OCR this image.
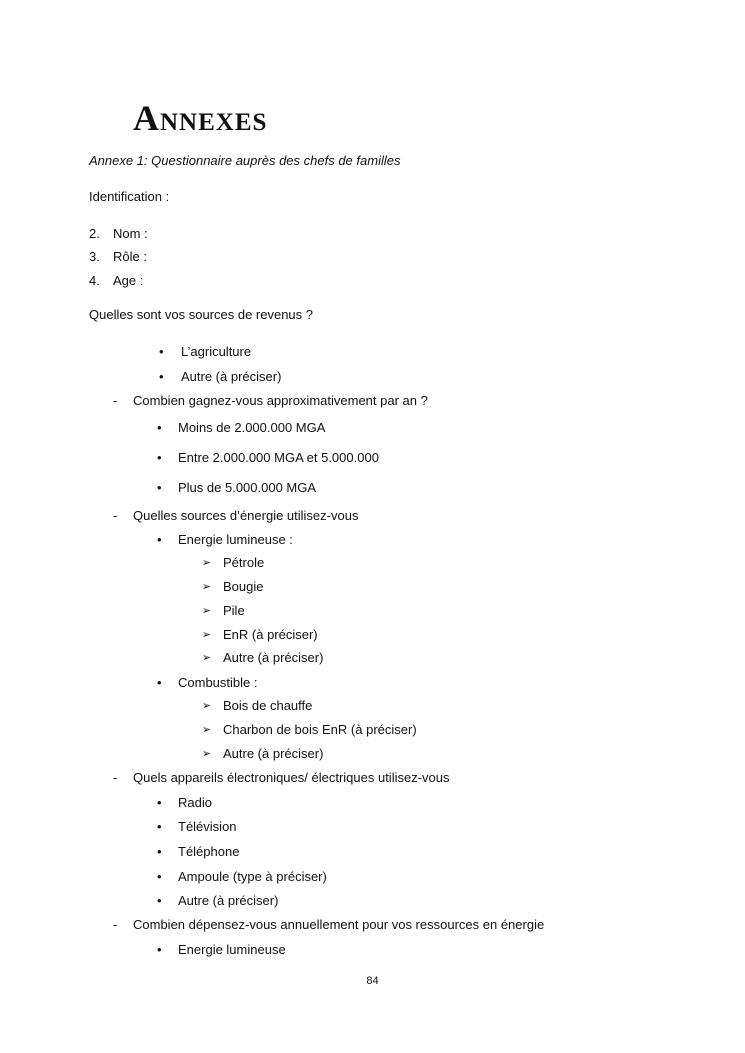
Annexes
Annexe 1: Questionnaire auprès des chefs de familles
Identification :
2. Nom :
3. Rôle :
4. Age :
Quelles sont vos sources de revenus ?
• L’agriculture
• Autre (à préciser)
- Combien gagnez-vous approximativement par an ?
• Moins de 2.000.000 MGA
• Entre 2.000.000 MGA et 5.000.000
• Plus de 5.000.000 MGA
- Quelles sources d’énergie utilisez-vous
• Energie lumineuse :
➢ Pétrole
➢ Bougie
➢ Pile
➢ EnR (à préciser)
➢ Autre (à préciser)
• Combustible :
➢ Bois de chauffe
➢ Charbon de bois EnR (à préciser)
➢ Autre (à préciser)
- Quels appareils électroniques/ électriques utilisez-vous
• Radio
• Télévision
• Téléphone
• Ampoule (type à préciser)
• Autre (à préciser)
- Combien dépensez-vous annuellement pour vos ressources en énergie
• Energie lumineuse
84
